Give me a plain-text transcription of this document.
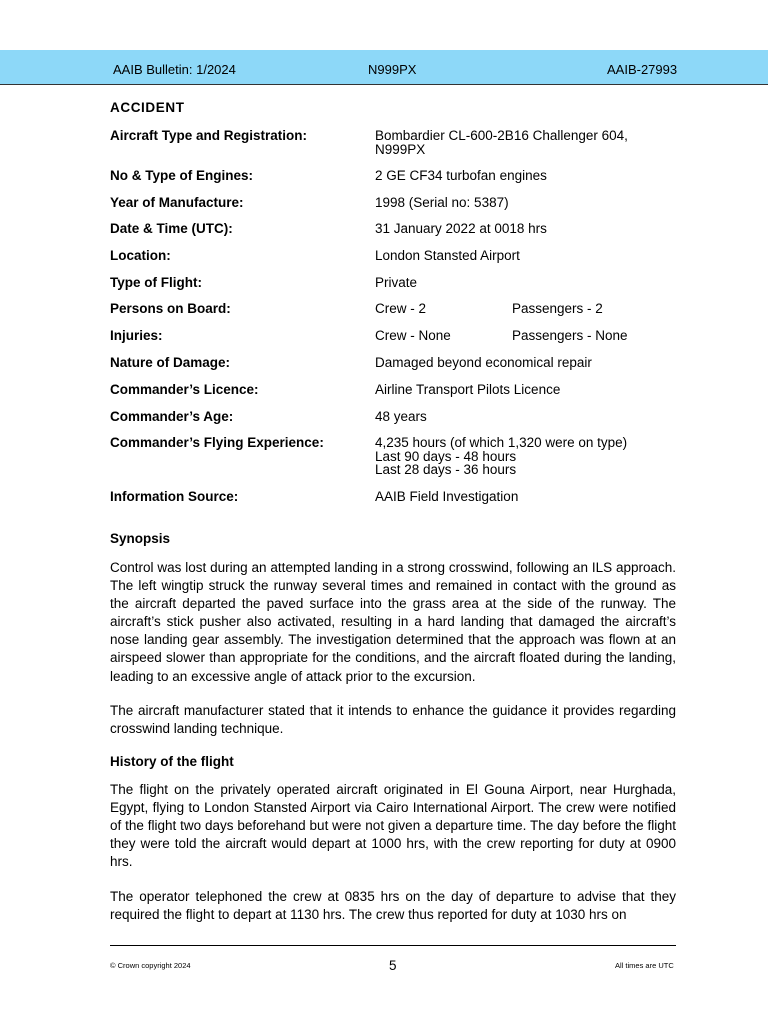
AAIB Bulletin: 1/2024	N999PX	AAIB-27993
ACCIDENT
Aircraft Type and Registration:	Bombardier CL-600-2B16 Challenger 604,
N999PX
No & Type of Engines:	2 GE CF34 turbofan engines
Year of Manufacture:	1998 (Serial no: 5387)
Date & Time (UTC):	31 January 2022 at 0018 hrs
Location:	London Stansted Airport
Type of Flight:	Private
Persons on Board:	Crew - 2	Passengers - 2
Injuries:	Crew - None	Passengers - None
Nature of Damage:	Damaged beyond economical repair
Commander’s Licence:	Airline Transport Pilots Licence
Commander’s Age:	48 years
Commander’s Flying Experience:	4,235 hours (of which 1,320 were on type)
Last 90 days - 48 hours
Last 28 days - 36 hours
Information Source:	AAIB Field Investigation
Synopsis

Control was lost during an attempted landing in a strong crosswind, following an ILS approach. The left wingtip struck the runway several times and remained in contact with the ground as the aircraft departed the paved surface into the grass area at the side of the runway. The aircraft’s stick pusher also activated, resulting in a hard landing that damaged the aircraft’s nose landing gear assembly. The investigation determined that the approach was flown at an airspeed slower than appropriate for the conditions, and the aircraft floated during the landing, leading to an excessive angle of attack prior to the excursion.

The aircraft manufacturer stated that it intends to enhance the guidance it provides regarding crosswind landing technique.

History of the flight

The flight on the privately operated aircraft originated in El Gouna Airport, near Hurghada, Egypt, flying to London Stansted Airport via Cairo International Airport. The crew were notified of the flight two days beforehand but were not given a departure time. The day before the flight they were told the aircraft would depart at 1000 hrs, with the crew reporting for duty at 0900 hrs.

The operator telephoned the crew at 0835 hrs on the day of departure to advise that they required the flight to depart at 1130 hrs. The crew thus reported for duty at 1030 hrs on

© Crown copyright 2024	5	All times are UTC
